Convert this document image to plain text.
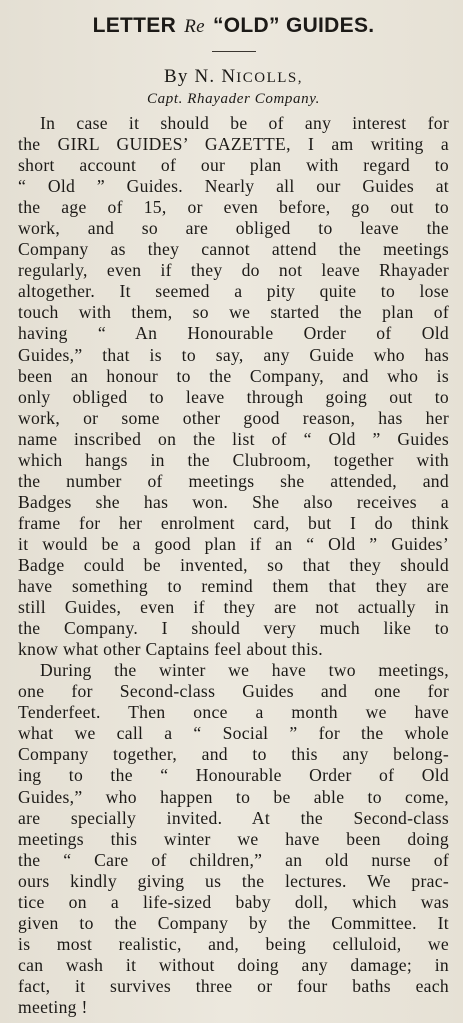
LETTER Re “OLD” GUIDES.

By N. NICOLLS,

Capt. Rhayader Company.

In case it should be of any interest for
the GIRL GUIDES’ GAZETTE, I am writing a
short account of our plan with regard to
“ Old ” Guides. Nearly all our Guides at
the age of 15, or even before, go out to
work, and so are obliged to leave the
Company as they cannot attend the meetings
regularly, even if they do not leave Rhayader
altogether. It seemed a pity quite to lose
touch with them, so we started the plan of
having “ An Honourable Order of Old
Guides,” that is to say, any Guide who has
been an honour to the Company, and who is
only obliged to leave through going out to
work, or some other good reason, has her
name inscribed on the list of “ Old ” Guides
which hangs in the Clubroom, together with
the number of meetings she attended, and
Badges she has won. She also receives a
frame for her enrolment card, but I do think
it would be a good plan if an “ Old ” Guides’
Badge could be invented, so that they should
have something to remind them that they are
still Guides, even if they are not actually in
the Company. I should very much like to
know what other Captains feel about this.
During the winter we have two meetings,
one for Second-class Guides and one for
Tenderfeet. Then once a month we have
what we call a “ Social ” for the whole
Company together, and to this any belong-
ing to the “ Honourable Order of Old
Guides,” who happen to be able to come,
are specially invited. At the Second-class
meetings this winter we have been doing
the “ Care of children,” an old nurse of
ours kindly giving us the lectures. We prac-
tice on a life-sized baby doll, which was
given to the Company by the Committee. It
is most realistic, and, being celluloid, we
can wash it without doing any damage; in
fact, it survives three or four baths each
meeting !
